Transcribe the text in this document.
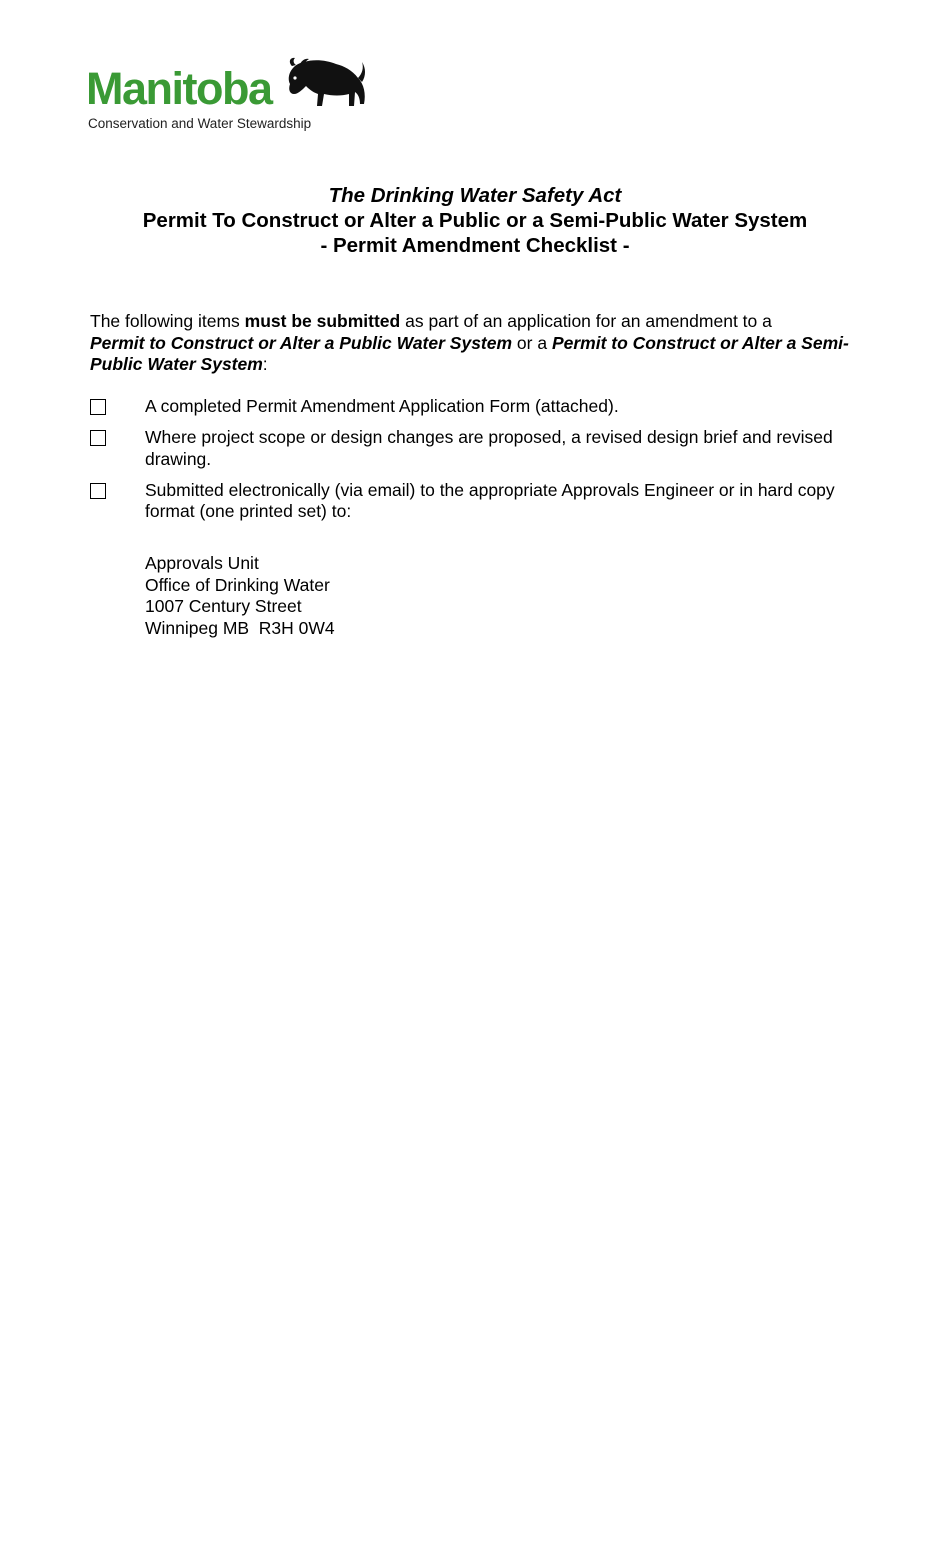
Manitoba
Conservation and Water Stewardship
The Drinking Water Safety Act
Permit To Construct or Alter a Public or a Semi-Public Water System
- Permit Amendment Checklist -
The following items must be submitted as part of an application for an amendment to a
Permit to Construct or Alter a Public Water System or a Permit to Construct or Alter a Semi-Public Water System:
A completed Permit Amendment Application Form (attached).
Where project scope or design changes are proposed, a revised design brief and revised drawing.
Submitted electronically (via email) to the appropriate Approvals Engineer or in hard copy format (one printed set) to:
Approvals Unit
Office of Drinking Water
1007 Century Street
Winnipeg MB  R3H 0W4
